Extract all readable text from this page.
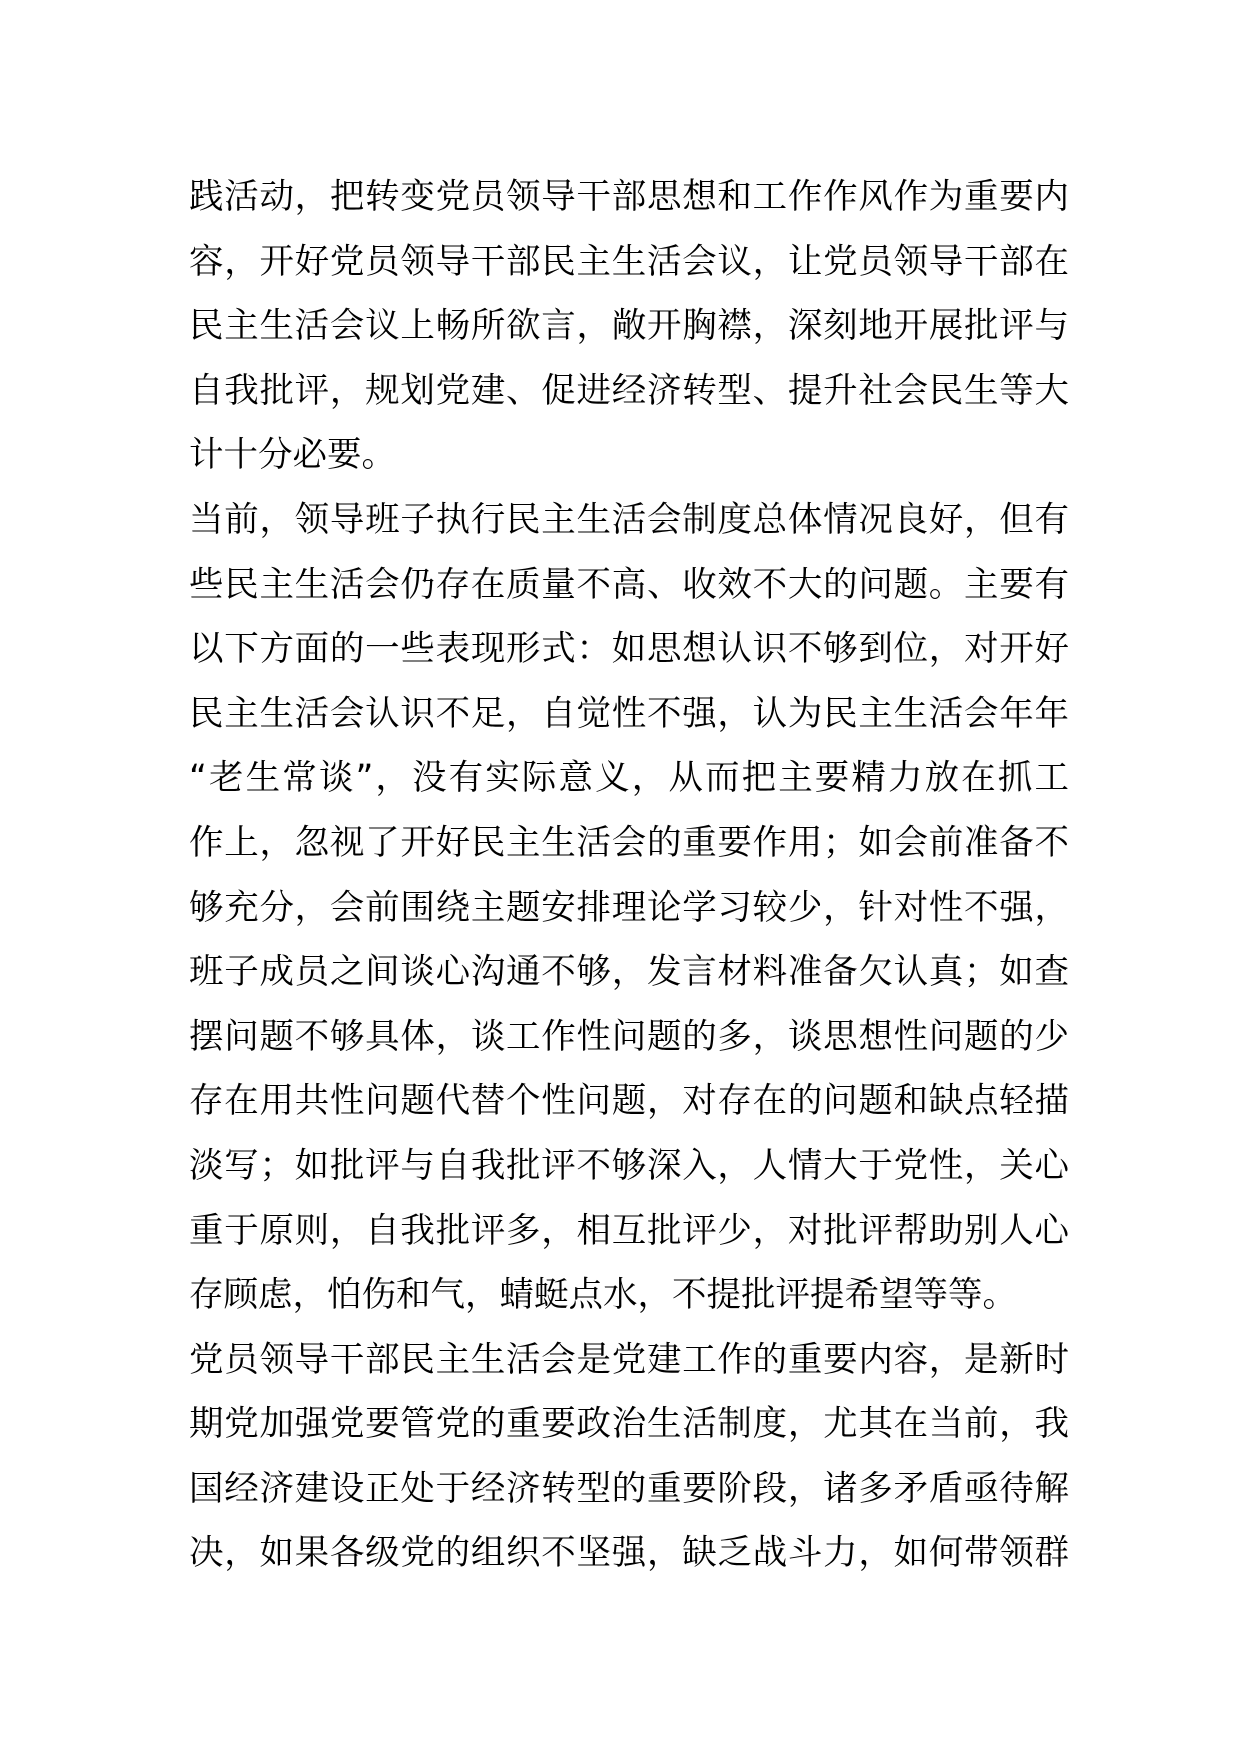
践活动，把转变党员领导干部思想和工作作风作为重要内
容，开好党员领导干部民主生活会议，让党员领导干部在
民主生活会议上畅所欲言，敞开胸襟，深刻地开展批评与
自我批评，规划党建、促进经济转型、提升社会民生等大
计十分必要。
当前，领导班子执行民主生活会制度总体情况良好，但有
些民主生活会仍存在质量不高、收效不大的问题。主要有
以下方面的一些表现形式：如思想认识不够到位，对开好
民主生活会认识不足，自觉性不强，认为民主生活会年年
“老生常谈”，没有实际意义，从而把主要精力放在抓工
作上，忽视了开好民主生活会的重要作用；如会前准备不
够充分，会前围绕主题安排理论学习较少，针对性不强，
班子成员之间谈心沟通不够，发言材料准备欠认真；如查
摆问题不够具体，谈工作性问题的多，谈思想性问题的少
存在用共性问题代替个性问题，对存在的问题和缺点轻描
淡写；如批评与自我批评不够深入，人情大于党性，关心
重于原则，自我批评多，相互批评少，对批评帮助别人心
存顾虑，怕伤和气，蜻蜓点水，不提批评提希望等等。
党员领导干部民主生活会是党建工作的重要内容，是新时
期党加强党要管党的重要政治生活制度，尤其在当前，我
国经济建设正处于经济转型的重要阶段，诸多矛盾亟待解
决，如果各级党的组织不坚强，缺乏战斗力，如何带领群
